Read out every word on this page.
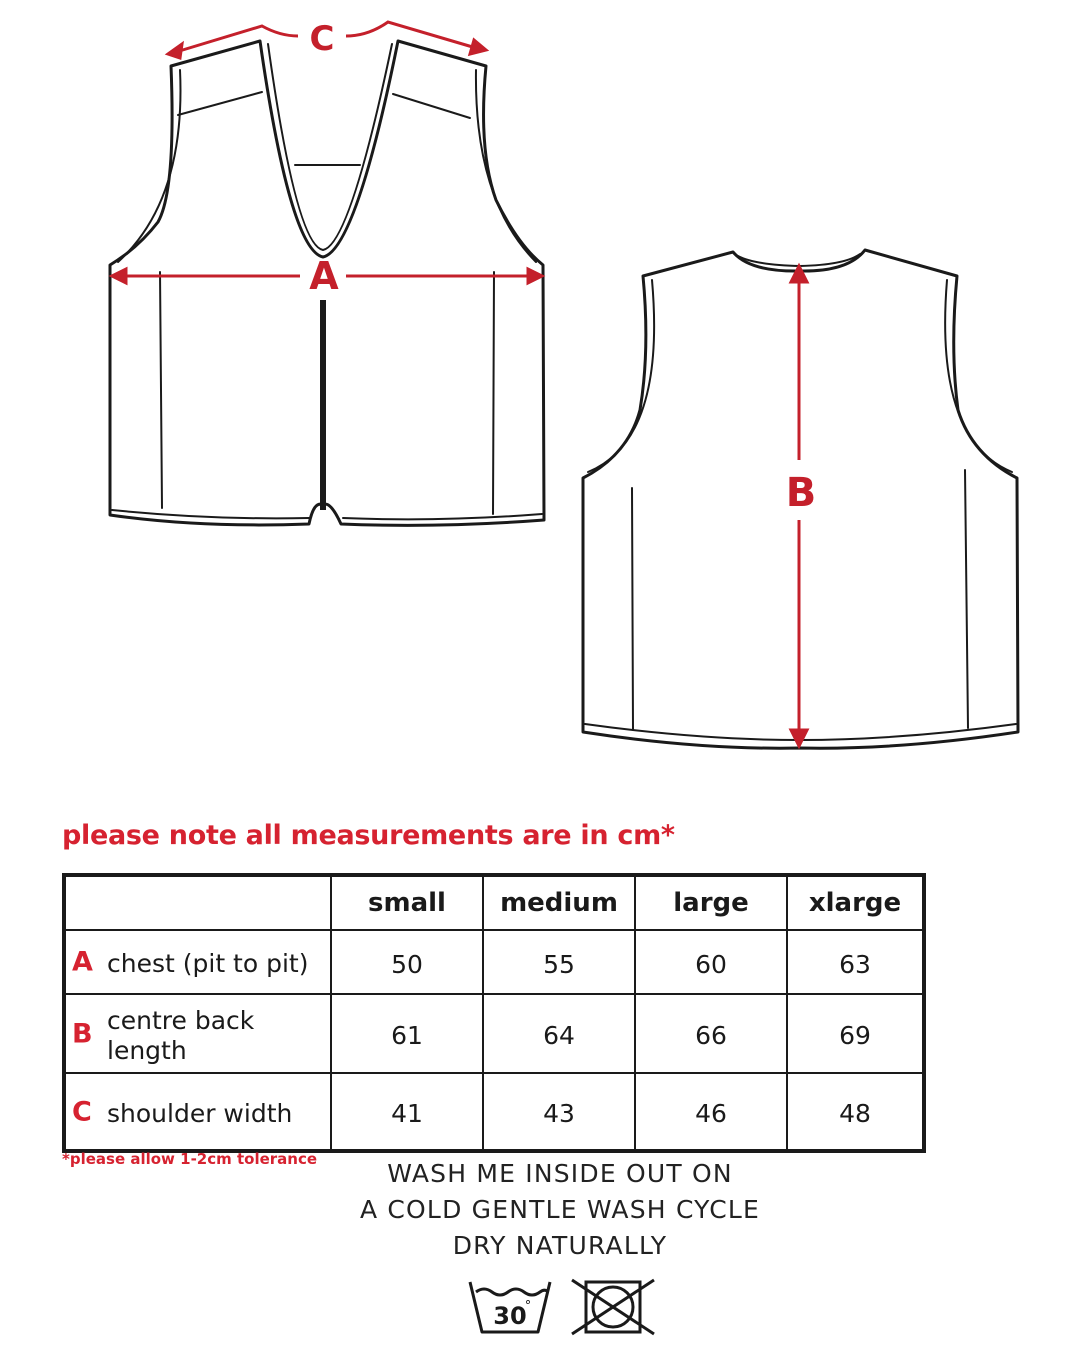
C
A
B
please note all measurements are in cm*
	small	medium	large	xlarge

A chest (pit to pit)	50	55	60	63

B centre back length	61	64	66	69

C shoulder width	41	43	46	48
*please allow 1-2cm tolerance	WASH ME INSIDE OUT ON
A COLD GENTLE WASH CYCLE
DRY NATURALLY
30
°
